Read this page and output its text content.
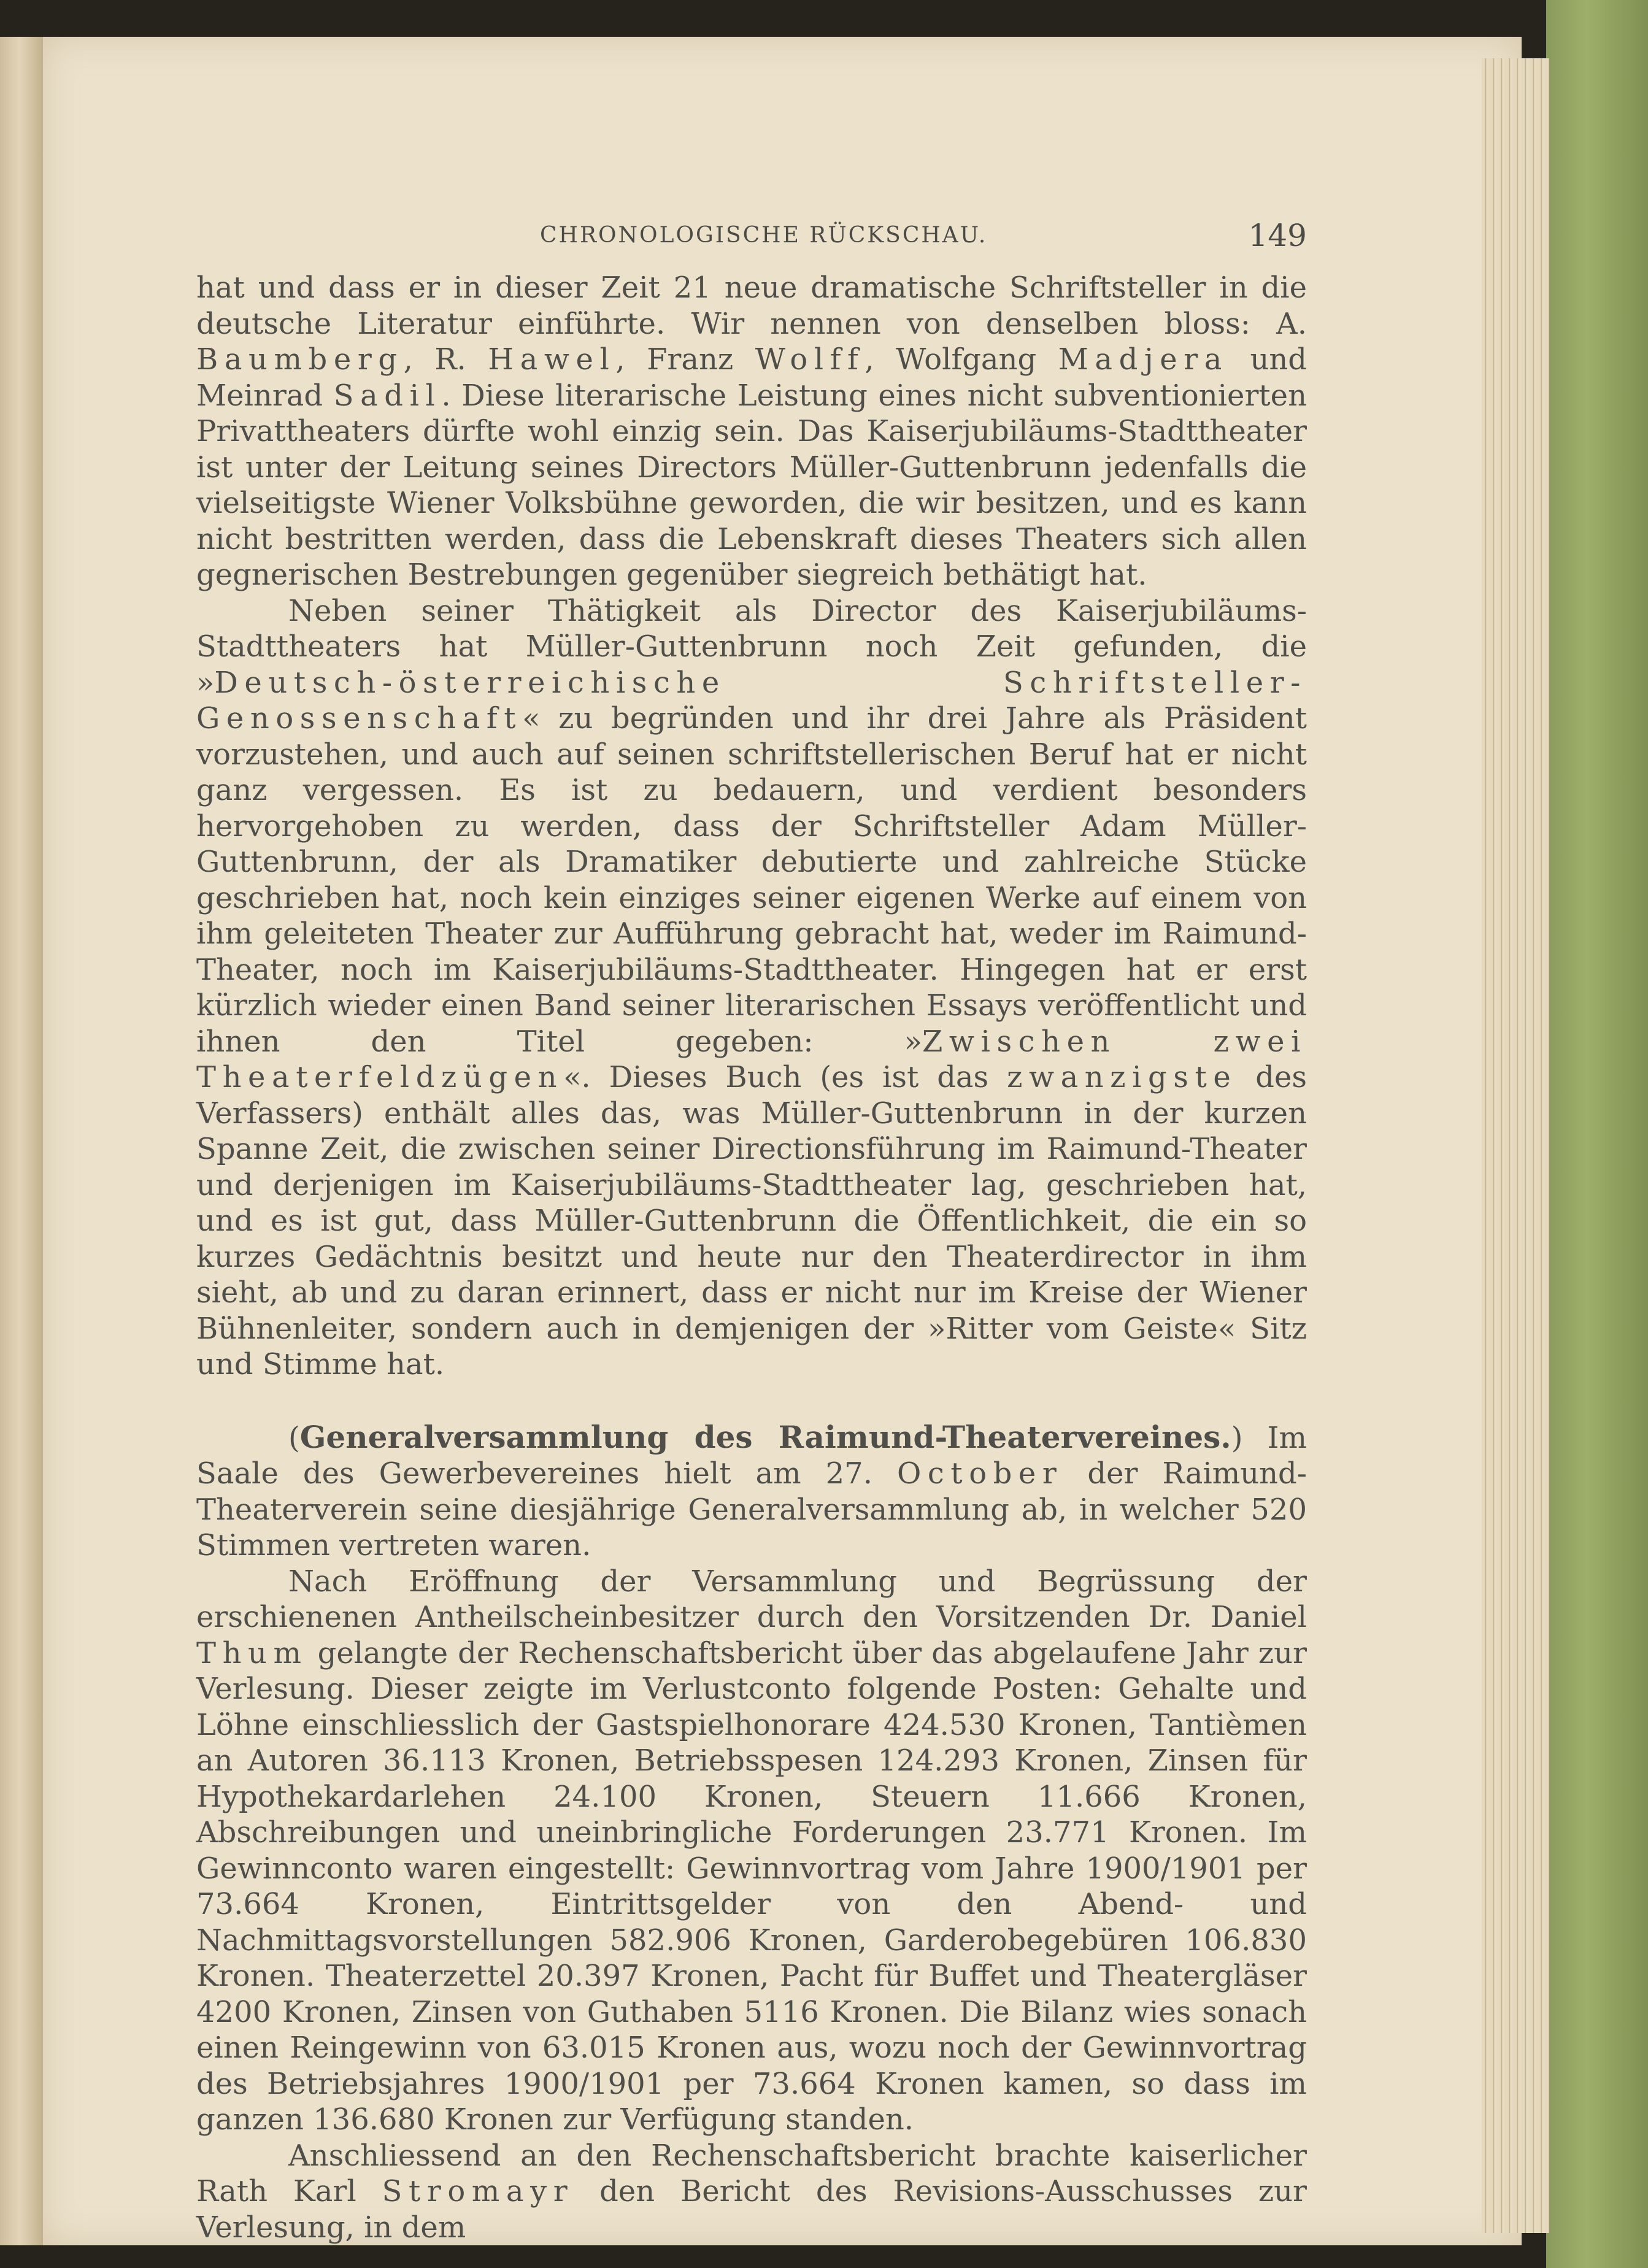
CHRONOLOGISCHE RÜCKSCHAU.	149

hat und dass er in dieser Zeit 21 neue dramatische Schriftsteller in die deutsche Literatur einführte. Wir nennen von denselben bloss: A. Baumberg, R. Hawel, Franz Wolff, Wolfgang Madjera und Meinrad Sadil. Diese literarische Leistung eines nicht subventionierten Privattheaters dürfte wohl einzig sein. Das Kaiserjubiläums-Stadttheater ist unter der Leitung seines Directors Müller-Guttenbrunn jedenfalls die vielseitigste Wiener Volksbühne geworden, die wir besitzen, und es kann nicht bestritten werden, dass die Lebenskraft dieses Theaters sich allen gegnerischen Bestrebungen gegenüber siegreich bethätigt hat.

Neben seiner Thätigkeit als Director des Kaiserjubiläums-Stadttheaters hat Müller-Guttenbrunn noch Zeit gefunden, die »Deutsch-österreichische Schriftsteller-Genossenschaft« zu begründen und ihr drei Jahre als Präsident vorzustehen, und auch auf seinen schriftstellerischen Beruf hat er nicht ganz vergessen. Es ist zu bedauern, und verdient besonders hervorgehoben zu werden, dass der Schriftsteller Adam Müller-Guttenbrunn, der als Dramatiker debutierte und zahlreiche Stücke geschrieben hat, noch kein einziges seiner eigenen Werke auf einem von ihm geleiteten Theater zur Aufführung gebracht hat, weder im Raimund-Theater, noch im Kaiserjubiläums-Stadttheater. Hingegen hat er erst kürzlich wieder einen Band seiner literarischen Essays veröffentlicht und ihnen den Titel gegeben: »Zwischen zwei Theaterfeldzügen«. Dieses Buch (es ist das zwanzigste des Verfassers) enthält alles das, was Müller-Guttenbrunn in der kurzen Spanne Zeit, die zwischen seiner Directionsführung im Raimund-Theater und derjenigen im Kaiserjubiläums-Stadttheater lag, geschrieben hat, und es ist gut, dass Müller-Guttenbrunn die Öffentlichkeit, die ein so kurzes Gedächtnis besitzt und heute nur den Theaterdirector in ihm sieht, ab und zu daran erinnert, dass er nicht nur im Kreise der Wiener Bühnenleiter, sondern auch in demjenigen der »Ritter vom Geiste« Sitz und Stimme hat.

(Generalversammlung des Raimund-Theatervereines.) Im Saale des Gewerbevereines hielt am 27. October der Raimund-Theaterverein seine diesjährige Generalversammlung ab, in welcher 520 Stimmen vertreten waren.

Nach Eröffnung der Versammlung und Begrüssung der erschienenen Antheilscheinbesitzer durch den Vorsitzenden Dr. Daniel Thum gelangte der Rechenschaftsbericht über das abgelaufene Jahr zur Verlesung. Dieser zeigte im Verlustconto folgende Posten: Gehalte und Löhne einschliesslich der Gastspielhonorare 424.530 Kronen, Tantièmen an Autoren 36.113 Kronen, Betriebsspesen 124.293 Kronen, Zinsen für Hypothekardarlehen 24.100 Kronen, Steuern 11.666 Kronen, Abschreibungen und uneinbringliche Forderungen 23.771 Kronen. Im Gewinnconto waren eingestellt: Gewinnvortrag vom Jahre 1900/1901 per 73.664 Kronen, Eintrittsgelder von den Abend- und Nachmittagsvorstellungen 582.906 Kronen, Garderobegebüren 106.830 Kronen. Theaterzettel 20.397 Kronen, Pacht für Buffet und Theatergläser 4200 Kronen, Zinsen von Guthaben 5116 Kronen. Die Bilanz wies sonach einen Reingewinn von 63.015 Kronen aus, wozu noch der Gewinnvortrag des Betriebsjahres 1900/1901 per 73.664 Kronen kamen, so dass im ganzen 136.680 Kronen zur Verfügung standen.

Anschliessend an den Rechenschaftsbericht brachte kaiserlicher Rath Karl Stromayr den Bericht des Revisions-Ausschusses zur Verlesung, in dem
